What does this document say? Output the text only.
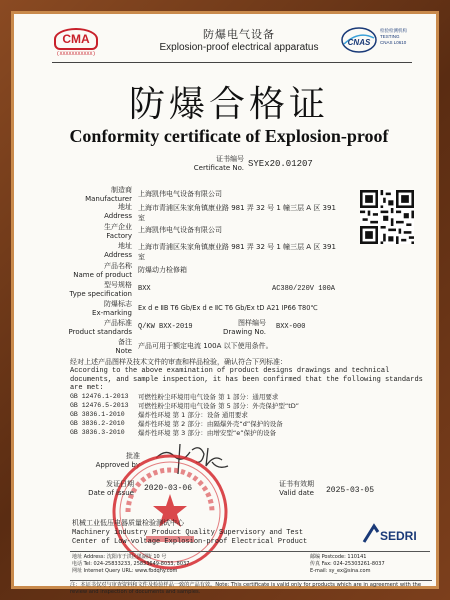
CMA
(XXXXXXXXXXX)
防爆电气设备
Explosion-proof electrical apparatus	CNAS
检验检测机构
TESTING
CNAS L0610
防爆合格证
Conformity certificate of Explosion-proof
证书编号
Certificate No. SYEx20.01207
制造商
Manufacturer
上海凯伟电气设备有限公司
地址
Address
上海市青浦区朱家角镇康业路 981 弄 32 号 1 幢三层 A 区 391
室
生产企业
Factory
上海凯伟电气设备有限公司
地址
Address
上海市青浦区朱家角镇康业路 981 弄 32 号 1 幢三层 A 区 391
室
产品名称
Name of product
防爆动力检修箱
型号规格
Type specification
BXX	AC380/220V 100A
防爆标志
Ex-marking
Ex d e ⅡB T6 Gb/Ex d e ⅡC T6 Gb/Ex tD A21 IP66 T80℃
产品标准
Product standards
Q/KW BXX-2019	图样编号
Drawing No.
BXX-000
备注
Note
产品可用于额定电流 100A 以下使用条件。
经对上述产品图样及技术文件的审查和样品检验，确认符合下列标准：
According to the above examination of product designs drawings and technical documents, and sample inspection, it has been confirmed that the following standards are met:
GB 12476.1-2013	可燃性粉尘环境用电气设备 第 1 部分：通用要求
GB 12476.5-2013	可燃性粉尘环境用电气设备 第 5 部分：外壳保护型“tD”
GB 3836.1-2010	爆炸性环境 第 1 部分：设备 通用要求
GB 3836.2-2010	爆炸性环境 第 2 部分：由隔爆外壳“d”保护的设备
GB 3836.3-2010	爆炸性环境 第 3 部分：由增安型“e”保护的设备
批准
Approved by
发证日期
Date of issue 2020-03-06	证书有效期
Valid date 2025-03-05
机械工业低压电器质量检验测试中心
Machinery industry Product Quality Supervisory and Test
Center of Low-voltage Explosion-proof Electrical Product	SEDRI
地址 Address: 沈阳市于洪区黑湖街 10 号
电话 Tel: 024-25833233, 25833649-8033, 8037
网址 Internet Query URL: www.fbdqhy.com
邮编 Postcode: 110141
传真 Fax: 024-25303261-8037
E-mail: sy_ex@sina.com
注：本证书仅对与审查资料和文件及检验样品一致的产品有效。Note: This certificate is valid only for products which are in agreement with the review and inspection of documents and samples.
